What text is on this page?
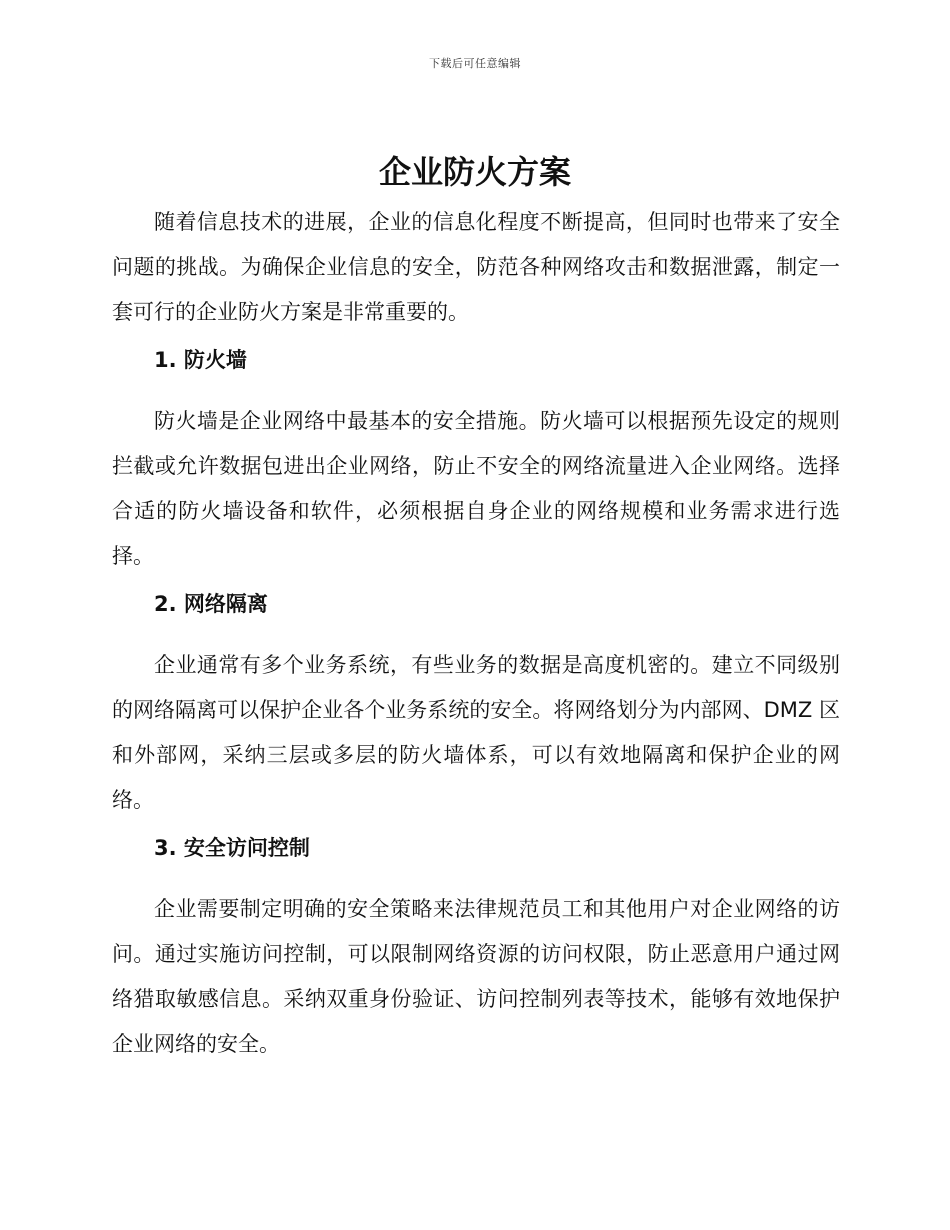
下载后可任意编辑
企业防火方案

随着信息技术的进展，企业的信息化程度不断提高，但同时也带来了安全问题的挑战。为确保企业信息的安全，防范各种网络攻击和数据泄露，制定一套可行的企业防火方案是非常重要的。

1. 防火墙

防火墙是企业网络中最基本的安全措施。防火墙可以根据预先设定的规则拦截或允许数据包进出企业网络，防止不安全的网络流量进入企业网络。选择合适的防火墙设备和软件，必须根据自身企业的网络规模和业务需求进行选择。

2. 网络隔离

企业通常有多个业务系统，有些业务的数据是高度机密的。建立不同级别的网络隔离可以保护企业各个业务系统的安全。将网络划分为内部网、DMZ 区和外部网，采纳三层或多层的防火墙体系，可以有效地隔离和保护企业的网络。

3. 安全访问控制

企业需要制定明确的安全策略来法律规范员工和其他用户对企业网络的访问。通过实施访问控制，可以限制网络资源的访问权限，防止恶意用户通过网络猎取敏感信息。采纳双重身份验证、访问控制列表等技术，能够有效地保护企业网络的安全。
